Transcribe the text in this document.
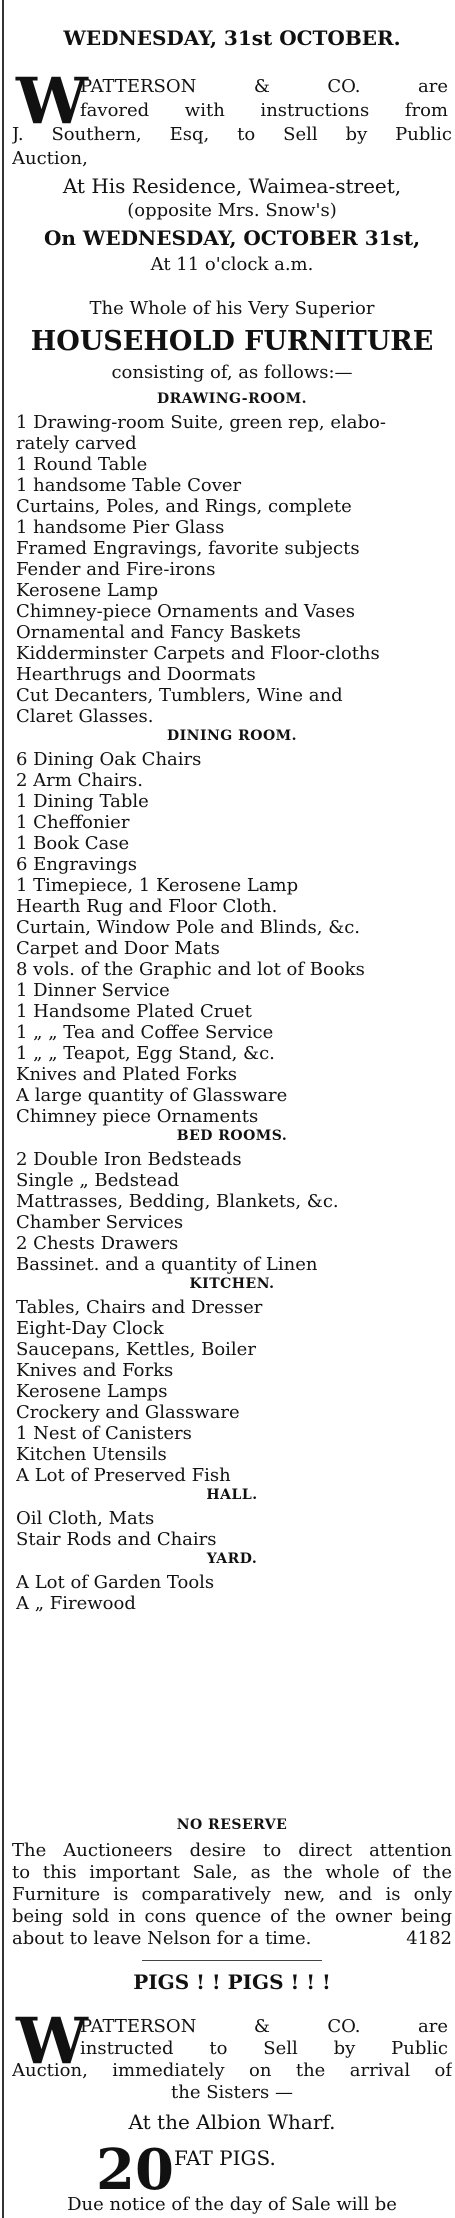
WEDNESDAY, 31st OCTOBER.
W
PATTERSON & CO. are
favored with instructions from
J. Southern, Esq, to Sell by Public
Auction,
At His Residence, Waimea-street,
(opposite Mrs. Snow's)
On WEDNESDAY, OCTOBER 31st,
At 11 o'clock a.m.
The Whole of his Very Superior
HOUSEHOLD FURNITURE
consisting of, as follows:—
DRAWING-ROOM.
1 Drawing-room Suite, green rep, elabo-
rately carved
1 Round Table
1 handsome Table Cover
Curtains, Poles, and Rings, complete
1 handsome Pier Glass
Framed Engravings, favorite subjects
Fender and Fire-irons
Kerosene Lamp
Chimney-piece Ornaments and Vases
Ornamental and Fancy Baskets
Kidderminster Carpets and Floor-cloths
Hearthrugs and Doormats
Cut Decanters, Tumblers, Wine and
Claret Glasses.
DINING ROOM.
6 Dining Oak Chairs
2 Arm Chairs.
1 Dining Table
1 Cheffonier
1 Book Case
6 Engravings
1 Timepiece, 1 Kerosene Lamp
Hearth Rug and Floor Cloth.
Curtain, Window Pole and Blinds, &c.
Carpet and Door Mats
8 vols. of the Graphic and lot of Books
1 Dinner Service
1 Handsome Plated Cruet
1 „ „ Tea and Coffee Service
1 „ „ Teapot, Egg Stand, &c.
Knives and Plated Forks
A large quantity of Glassware
Chimney piece Ornaments
BED ROOMS.
2 Double Iron Bedsteads
Single „ Bedstead
Mattrasses, Bedding, Blankets, &c.
Chamber Services
2 Chests Drawers
Bassinet. and a quantity of Linen
KITCHEN.
Tables, Chairs and Dresser
Eight-Day Clock
Saucepans, Kettles, Boiler
Knives and Forks
Kerosene Lamps
Crockery and Glassware
1 Nest of Canisters
Kitchen Utensils
A Lot of Preserved Fish
HALL.
Oil Cloth, Mats
Stair Rods and Chairs
YARD.
A Lot of Garden Tools
A „ Firewood
NO RESERVE
The Auctioneers desire to direct attention
to this important Sale, as the whole of the
Furniture is comparatively new, and is only
being sold in cons quence of the owner being
about to leave Nelson for a time.	4182
PIGS ! ! PIGS ! ! !
W
PATTERSON & CO. are
instructed to Sell by Public
Auction, immediately on the arrival of
the Sisters —
At the Albion Wharf.
20 FAT PIGS.
Due notice of the day of Sale will be
